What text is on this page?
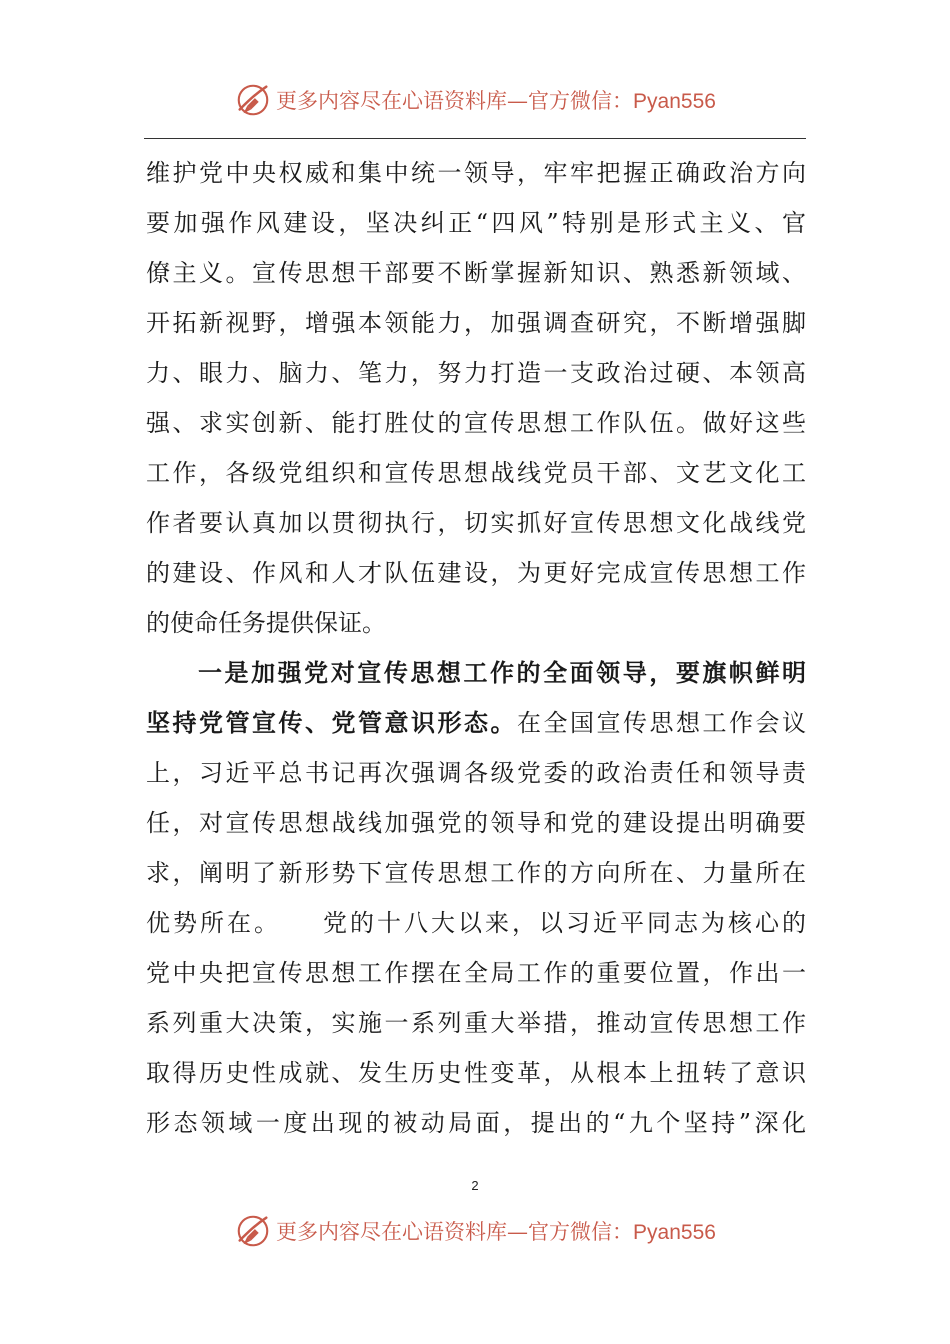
更多内容尽在心语资料库—官方微信：Pyan556
维护党中央权威和集中统一领导，牢牢把握正确政治方向
要加强作风建设，坚决纠正“四风”特别是形式主义、官
僚主义。宣传思想干部要不断掌握新知识、熟悉新领域、
开拓新视野，增强本领能力，加强调查研究，不断增强脚
力、眼力、脑力、笔力，努力打造一支政治过硬、本领高
强、求实创新、能打胜仗的宣传思想工作队伍。做好这些
工作，各级党组织和宣传思想战线党员干部、文艺文化工
作者要认真加以贯彻执行，切实抓好宣传思想文化战线党
的建设、作风和人才队伍建设，为更好完成宣传思想工作
的使命任务提供保证。
一是加强党对宣传思想工作的全面领导，要旗帜鲜明
坚持党管宣传、党管意识形态。在全国宣传思想工作会议
上，习近平总书记再次强调各级党委的政治责任和领导责
任，对宣传思想战线加强党的领导和党的建设提出明确要
求，阐明了新形势下宣传思想工作的方向所在、力量所在
优势所在。　　党的十八大以来，以习近平同志为核心的
党中央把宣传思想工作摆在全局工作的重要位置，作出一
系列重大决策，实施一系列重大举措，推动宣传思想工作
取得历史性成就、发生历史性变革，从根本上扭转了意识
形态领域一度出现的被动局面，提出的“九个坚持”深化
2
更多内容尽在心语资料库—官方微信：Pyan556
